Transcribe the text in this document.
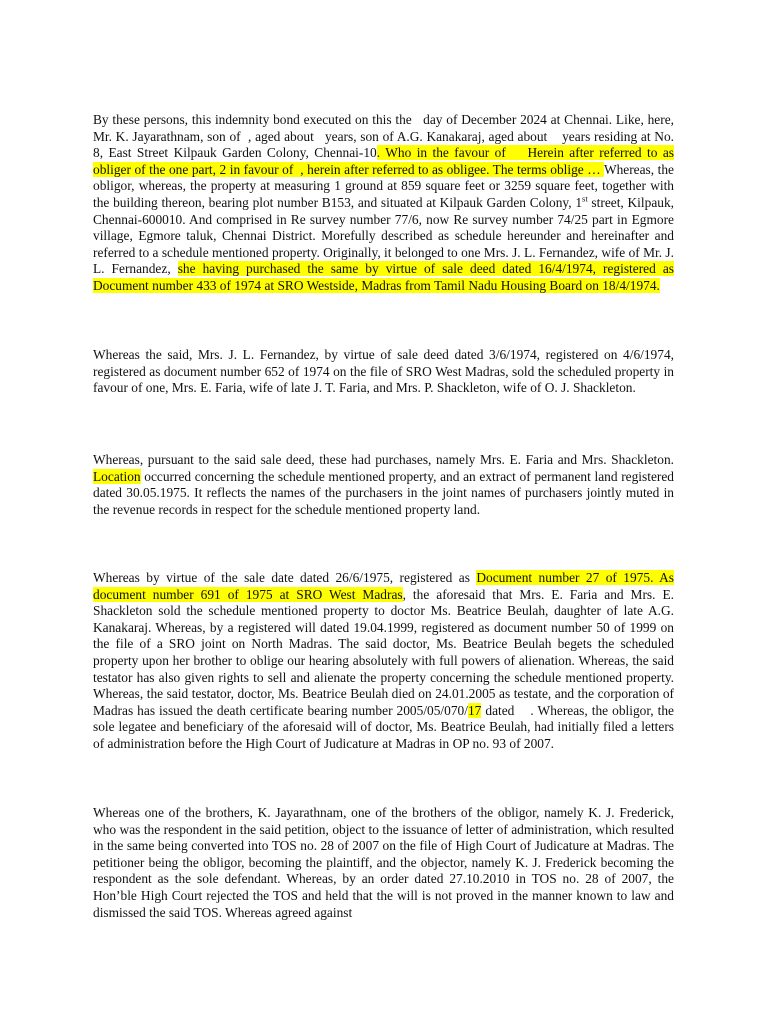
By these persons, this indemnity bond executed on this the   day of December 2024 at Chennai. Like, here, Mr. K. Jayarathnam, son of  , aged about   years, son of A.G. Kanakaraj, aged about    years residing at No. 8, East Street Kilpauk Garden Colony, Chennai-10. Who in the favour of    Herein after referred to as obliger of the one part, 2 in favour of  , herein after referred to as obligee. The terms oblige … Whereas, the obligor, whereas, the property at measuring 1 ground at 859 square feet or 3259 square feet, together with the building thereon, bearing plot number B153, and situated at Kilpauk Garden Colony, 1st street, Kilpauk, Chennai-600010. And comprised in Re survey number 77/6, now Re survey number 74/25 part in Egmore village, Egmore taluk, Chennai District. Morefully described as schedule hereunder and hereinafter and referred to a schedule mentioned property. Originally, it belonged to one Mrs. J. L. Fernandez, wife of Mr. J. L. Fernandez, she having purchased the same by virtue of sale deed dated 16/4/1974, registered as Document number 433 of 1974 at SRO Westside, Madras from Tamil Nadu Housing Board on 18/4/1974.

Whereas the said, Mrs. J. L. Fernandez, by virtue of sale deed dated 3/6/1974, registered on 4/6/1974, registered as document number 652 of 1974 on the file of SRO West Madras, sold the scheduled property in favour of one, Mrs. E. Faria, wife of late J. T. Faria, and Mrs. P. Shackleton, wife of O. J. Shackleton.

Whereas, pursuant to the said sale deed, these had purchases, namely Mrs. E. Faria and Mrs. Shackleton. Location occurred concerning the schedule mentioned property, and an extract of permanent land registered dated 30.05.1975. It reflects the names of the purchasers in the joint names of purchasers jointly muted in the revenue records in respect for the schedule mentioned property land.

Whereas by virtue of the sale date dated 26/6/1975, registered as Document number 27 of 1975. As document number 691 of 1975 at SRO West Madras, the aforesaid that Mrs. E. Faria and Mrs. E. Shackleton sold the schedule mentioned property to doctor Ms. Beatrice Beulah, daughter of late A.G. Kanakaraj. Whereas, by a registered will dated 19.04.1999, registered as document number 50 of 1999 on the file of a SRO joint on North Madras. The said doctor, Ms. Beatrice Beulah begets the scheduled property upon her brother to oblige our hearing absolutely with full powers of alienation. Whereas, the said testator has also given rights to sell and alienate the property concerning the schedule mentioned property. Whereas, the said testator, doctor, Ms. Beatrice Beulah died on 24.01.2005 as testate, and the corporation of Madras has issued the death certificate bearing number 2005/05/070/17 dated    . Whereas, the obligor, the sole legatee and beneficiary of the aforesaid will of doctor, Ms. Beatrice Beulah, had initially filed a letters of administration before the High Court of Judicature at Madras in OP no. 93 of 2007.

Whereas one of the brothers, K. Jayarathnam, one of the brothers of the obligor, namely K. J. Frederick, who was the respondent in the said petition, object to the issuance of letter of administration, which resulted in the same being converted into TOS no. 28 of 2007 on the file of High Court of Judicature at Madras. The petitioner being the obligor, becoming the plaintiff, and the objector, namely K. J. Frederick becoming the respondent as the sole defendant. Whereas, by an order dated 27.10.2010 in TOS no. 28 of 2007, the Hon’ble High Court rejected the TOS and held that the will is not proved in the manner known to law and dismissed the said TOS. Whereas agreed against
